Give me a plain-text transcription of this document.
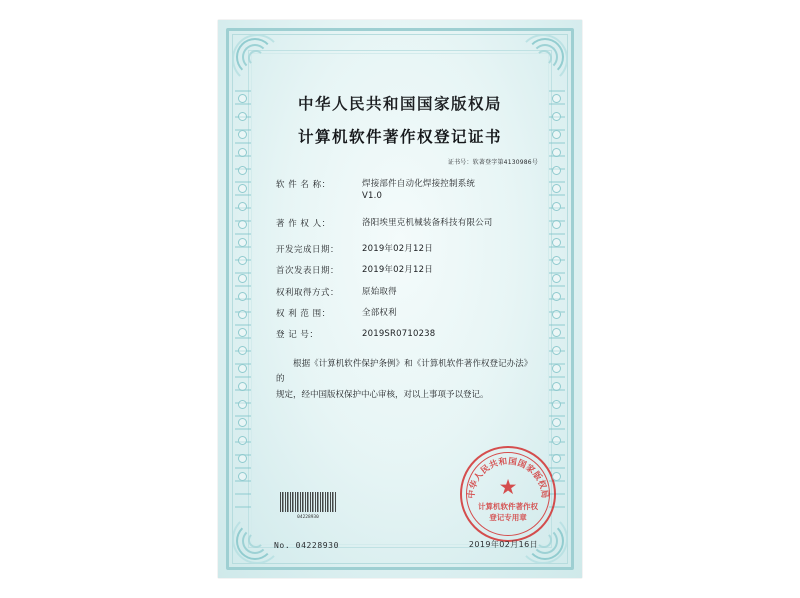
中华人民共和国国家版权局
计算机软件著作权登记证书
证书号：软著登字第4130986号
软 件 名 称：	焊接部件自动化焊接控制系统
V1.0
著 作 权 人：	洛阳埃里克机械装备科技有限公司
开发完成日期：	2019年02月12日
首次发表日期：	2019年02月12日
权利取得方式：	原始取得
权 利 范 围：	全部权利
登 记 号：	2019SR0710238
根据《计算机软件保护条例》和《计算机软件著作权登记办法》的
规定，经中国版权保护中心审核，对以上事项予以登记。
04228930
中华人民共和国国家版权局
★
计算机软件著作权
登记专用章
No. 04228930	2019年02月16日
